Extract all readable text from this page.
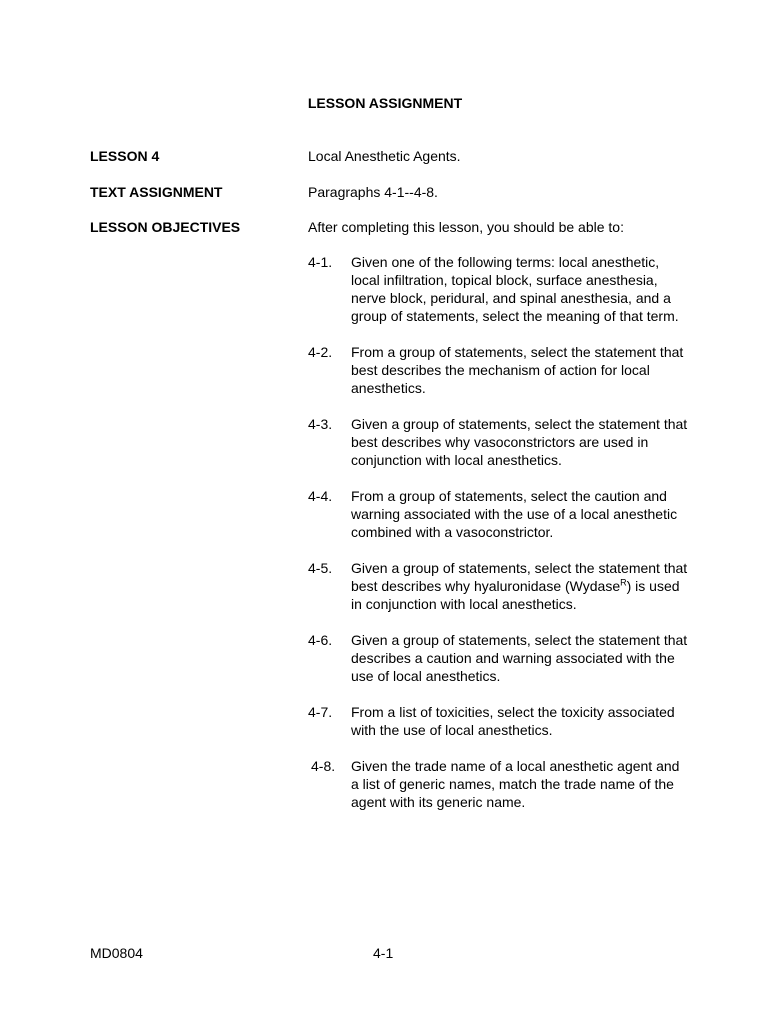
LESSON ASSIGNMENT
LESSON 4	Local Anesthetic Agents.
TEXT ASSIGNMENT	Paragraphs 4-1--4-8.
LESSON OBJECTIVES	After completing this lesson, you should be able to:
4-1.	Given one of the following terms: local anesthetic, local infiltration, topical block, surface anesthesia, nerve block, peridural, and spinal anesthesia, and a group of statements, select the meaning of that term.
4-2.	From a group of statements, select the statement that best describes the mechanism of action for local anesthetics.
4-3.	Given a group of statements, select the statement that best describes why vasoconstrictors are used in conjunction with local anesthetics.
4-4.	From a group of statements, select the caution and warning associated with the use of a local anesthetic combined with a vasoconstrictor.
4-5.	Given a group of statements, select the statement that best describes why hyaluronidase (Wydase$^R$) is used in conjunction with local anesthetics.
4-6.	Given a group of statements, select the statement that describes a caution and warning associated with the use of local anesthetics.
4-7.	From a list of toxicities, select the toxicity associated with the use of local anesthetics.
4-8.	Given the trade name of a local anesthetic agent and a list of generic names, match the trade name of the agent with its generic name.
MD0804	4-1
